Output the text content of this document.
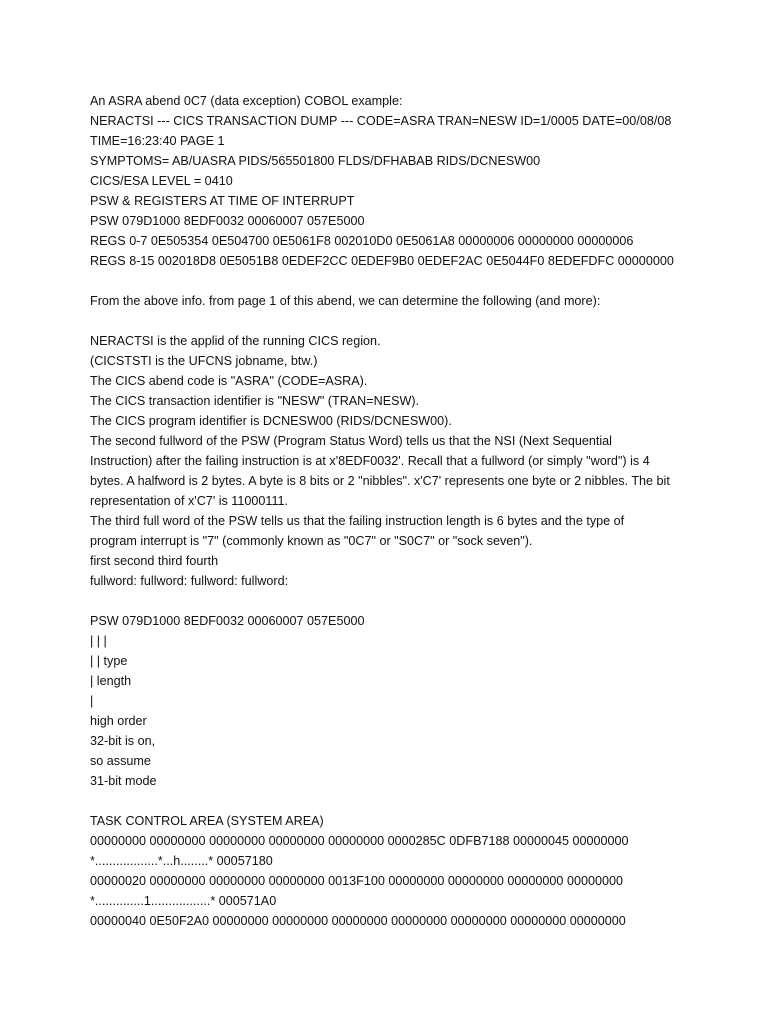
An ASRA abend 0C7 (data exception) COBOL example:
NERACTSI --- CICS TRANSACTION DUMP --- CODE=ASRA TRAN=NESW ID=1/0005 DATE=00/08/08
TIME=16:23:40 PAGE 1
SYMPTOMS= AB/UASRA PIDS/565501800 FLDS/DFHABAB RIDS/DCNESW00
CICS/ESA LEVEL = 0410
PSW & REGISTERS AT TIME OF INTERRUPT
PSW 079D1000 8EDF0032 00060007 057E5000
REGS 0-7 0E505354 0E504700 0E5061F8 002010D0 0E5061A8 00000006 00000000 00000006
REGS 8-15 002018D8 0E5051B8 0EDEF2CC 0EDEF9B0 0EDEF2AC 0E5044F0 8EDEFDFC 00000000
From the above info. from page 1 of this abend, we can determine the following (and more):
NERACTSI is the applid of the running CICS region.
(CICSTSTI is the UFCNS jobname, btw.)
The CICS abend code is "ASRA" (CODE=ASRA).
The CICS transaction identifier is "NESW" (TRAN=NESW).
The CICS program identifier is DCNESW00 (RIDS/DCNESW00).
The second fullword of the PSW (Program Status Word) tells us that the NSI (Next Sequential
Instruction) after the failing instruction is at x'8EDF0032'. Recall that a fullword (or simply "word") is 4
bytes. A halfword is 2 bytes. A byte is 8 bits or 2 "nibbles". x'C7' represents one byte or 2 nibbles. The bit
representation of x'C7' is 11000111.
The third full word of the PSW tells us that the failing instruction length is 6 bytes and the type of
program interrupt is "7" (commonly known as "0C7" or "S0C7" or "sock seven").
first second third fourth
fullword: fullword: fullword: fullword:
PSW 079D1000 8EDF0032 00060007 057E5000
| | |
| | type
| length
|
high order
32-bit is on,
so assume
31-bit mode
TASK CONTROL AREA (SYSTEM AREA)
00000000 00000000 00000000 00000000 00000000 0000285C 0DFB7188 00000045 00000000
*..................*...h........* 00057180
00000020 00000000 00000000 00000000 0013F100 00000000 00000000 00000000 00000000
*..............1.................* 000571A0
00000040 0E50F2A0 00000000 00000000 00000000 00000000 00000000 00000000 00000000
